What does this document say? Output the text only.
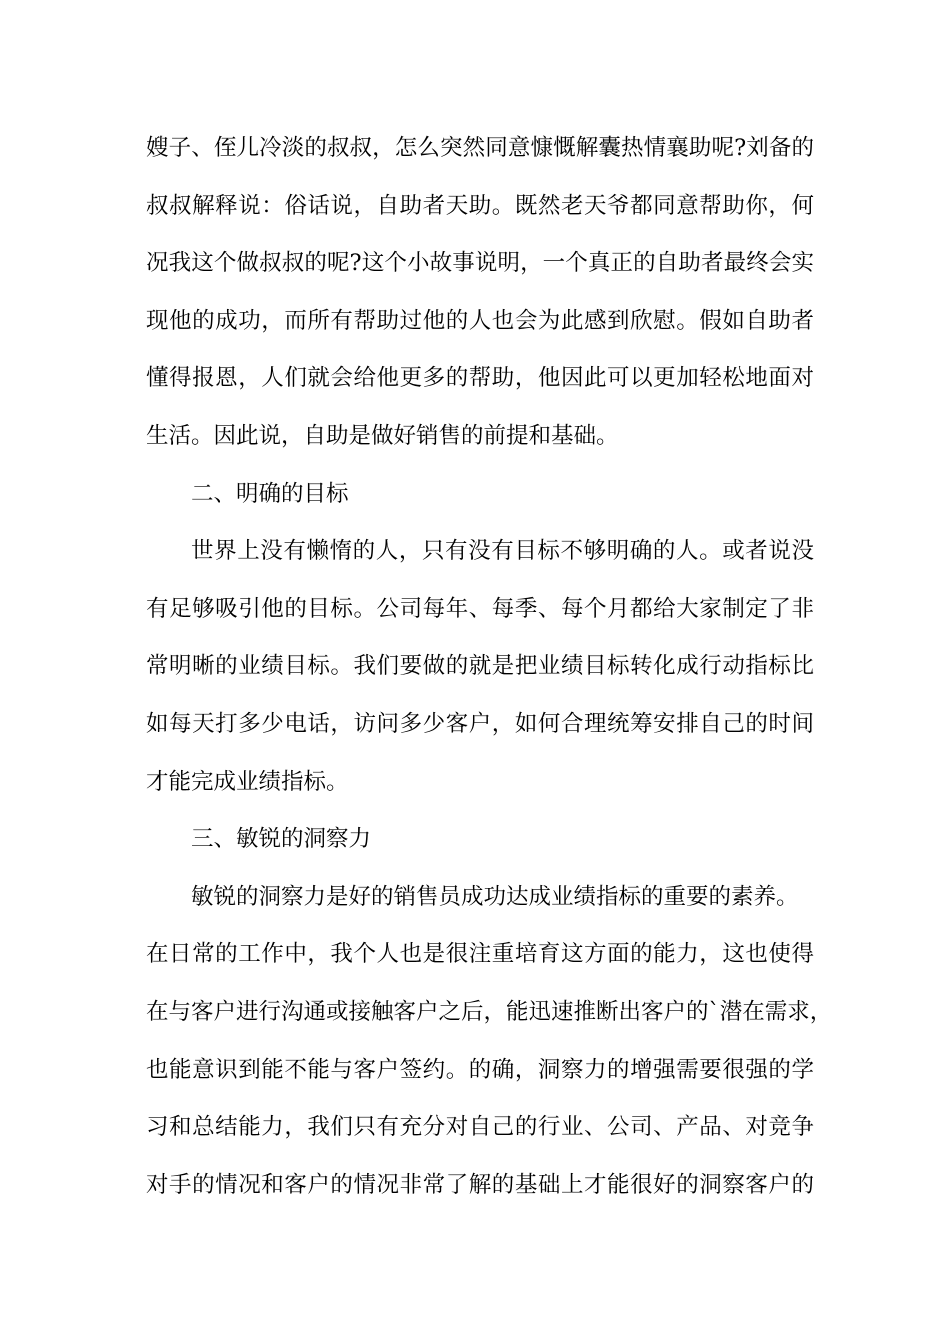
嫂子、侄儿冷淡的叔叔，怎么突然同意慷慨解囊热情襄助呢?刘备的
叔叔解释说：俗话说，自助者天助。既然老天爷都同意帮助你，何
况我这个做叔叔的呢?这个小故事说明，一个真正的自助者最终会实
现他的成功，而所有帮助过他的人也会为此感到欣慰。假如自助者
懂得报恩，人们就会给他更多的帮助，他因此可以更加轻松地面对
生活。因此说，自助是做好销售的前提和基础。
二、明确的目标
世界上没有懒惰的人，只有没有目标不够明确的人。或者说没
有足够吸引他的目标。公司每年、每季、每个月都给大家制定了非
常明晰的业绩目标。我们要做的就是把业绩目标转化成行动指标比
如每天打多少电话，访问多少客户，如何合理统筹安排自己的时间
才能完成业绩指标。
三、敏锐的洞察力
敏锐的洞察力是好的销售员成功达成业绩指标的重要的素养。
在日常的工作中，我个人也是很注重培育这方面的能力，这也使得
在与客户进行沟通或接触客户之后，能迅速推断出客户的`潜在需求，
也能意识到能不能与客户签约。的确，洞察力的增强需要很强的学
习和总结能力，我们只有充分对自己的行业、公司、产品、对竞争
对手的情况和客户的情况非常了解的基础上才能很好的洞察客户的
